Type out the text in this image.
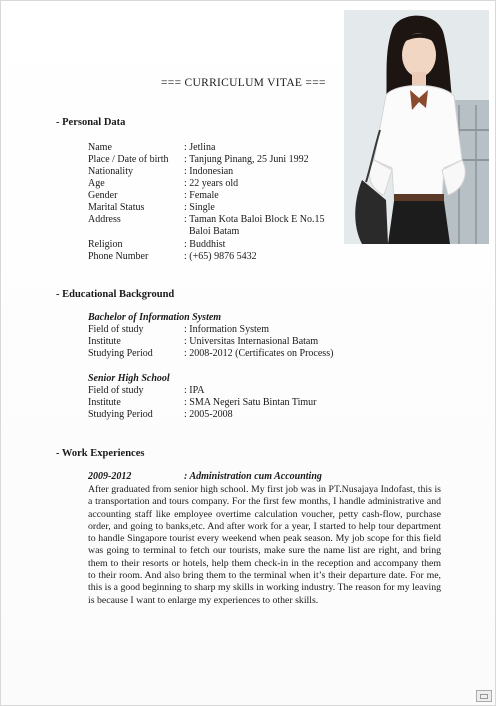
=== CURRICULUM VITAE ===
- Personal Data
Name	: Jetlina
Place / Date of birth	: Tanjung Pinang, 25 Juni 1992
Nationality	: Indonesian
Age	: 22 years old
Gender	: Female
Marital Status	: Single
Address	: Taman Kota Baloi Block E No.15
Baloi Batam
Religion	: Buddhist
Phone Number	: (+65) 9876 5432
- Educational Background
Bachelor of Information System
Field of study	: Information System
Institute	: Universitas Internasional Batam
Studying Period	: 2008-2012 (Certificates on Process)
Senior High School
Field of study	: IPA
Institute	: SMA Negeri Satu Bintan Timur
Studying Period	: 2005-2008
- Work Experiences
2009-2012	: Administration cum Accounting
After graduated from senior high school. My first job was in PT.Nusajaya Indofast, this is a transportation and tours company. For the first few months, I handle administrative and accounting staff like employee overtime calculation voucher, petty cash-flow, purchase order, and going to banks,etc. And after work for a year, I started to help tour department to handle Singapore tourist every weekend when peak season. My job scope for this field was going to terminal to fetch our tourists, make sure the name list are right, and bring them to their resorts or hotels, help them check-in in the reception and accompany them to their room. And also bring them to the terminal when it’s their departure date. For me, this is a good beginning to sharp my skills in working industry. The reason for my leaving is because I want to enlarge my experiences to other skills.
